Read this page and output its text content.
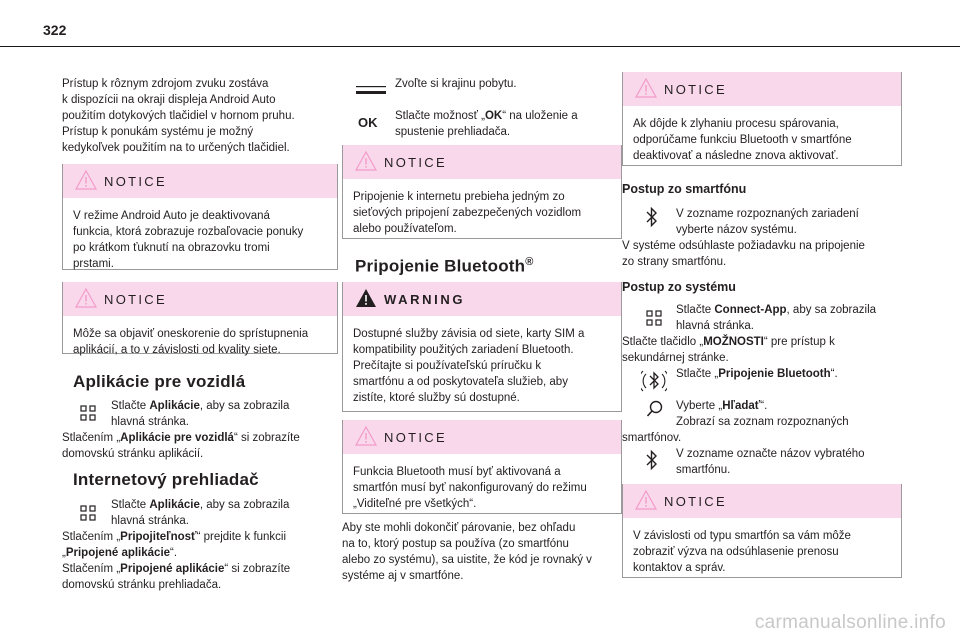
322
Prístup k rôznym zdrojom zvuku zostáva
k dispozícii na okraji displeja Android Auto
použitím dotykových tlačidiel v hornom pruhu.
Prístup k ponukám systému je možný
kedykoľvek použitím na to určených tlačidiel.
NOTICE
V režime Android Auto je deaktivovaná
funkcia, ktorá zobrazuje rozbaľovacie ponuky
po krátkom ťuknutí na obrazovku tromi
prstami.
NOTICE
Môže sa objaviť oneskorenie do sprístupnenia
aplikácií, a to v závislosti od kvality siete.
Aplikácie pre vozidlá
Stlačte Aplikácie, aby sa zobrazila
hlavná stránka.
Stlačením „Aplikácie pre vozidlá“ si zobrazíte
domovskú stránku aplikácií.
Internetový prehliadač
Stlačte Aplikácie, aby sa zobrazila
hlavná stránka.
Stlačením „Pripojiteľnosť“ prejdite k funkcii
„Pripojené aplikácie“.
Stlačením „Pripojené aplikácie“ si zobrazíte
domovskú stránku prehliadača.
Zvoľte si krajinu pobytu.
OK Stlačte možnosť „OK“ na uloženie a
spustenie prehliadača.
NOTICE
Pripojenie k internetu prebieha jedným zo
sieťových pripojení zabezpečených vozidlom
alebo používateľom.
Pripojenie Bluetooth®
WARNING
Dostupné služby závisia od siete, karty SIM a
kompatibility použitých zariadení Bluetooth.
Prečítajte si používateľskú príručku k
smartfónu a od poskytovateľa služieb, aby
zistíte, ktoré služby sú dostupné.
NOTICE
Funkcia Bluetooth musí byť aktivovaná a
smartfón musí byť nakonfigurovaný do režimu
„Viditeľné pre všetkých“.
Aby ste mohli dokončiť párovanie, bez ohľadu
na to, ktorý postup sa používa (zo smartfónu
alebo zo systému), sa uistite, že kód je rovnaký v
systéme aj v smartfóne.
NOTICE
Ak dôjde k zlyhaniu procesu spárovania,
odporúčame funkciu Bluetooth v smartfóne
deaktivovať a následne znova aktivovať.
Postup zo smartfónu
V zozname rozpoznaných zariadení
vyberte názov systému.
V systéme odsúhlaste požiadavku na pripojenie
zo strany smartfónu.
Postup zo systému
Stlačte Connect-App, aby sa zobrazila
hlavná stránka.
Stlačte tlačidlo „MOŽNOSTI“ pre prístup k
sekundárnej stránke.
Stlačte „Pripojenie Bluetooth“.
Vyberte „Hľadať“.
Zobrazí sa zoznam rozpoznaných
smartfónov.
V zozname označte názov vybratého
smartfónu.
NOTICE
V závislosti od typu smartfón sa vám môže
zobraziť výzva na odsúhlasenie prenosu
kontaktov a správ.
carmanualsonline.info
